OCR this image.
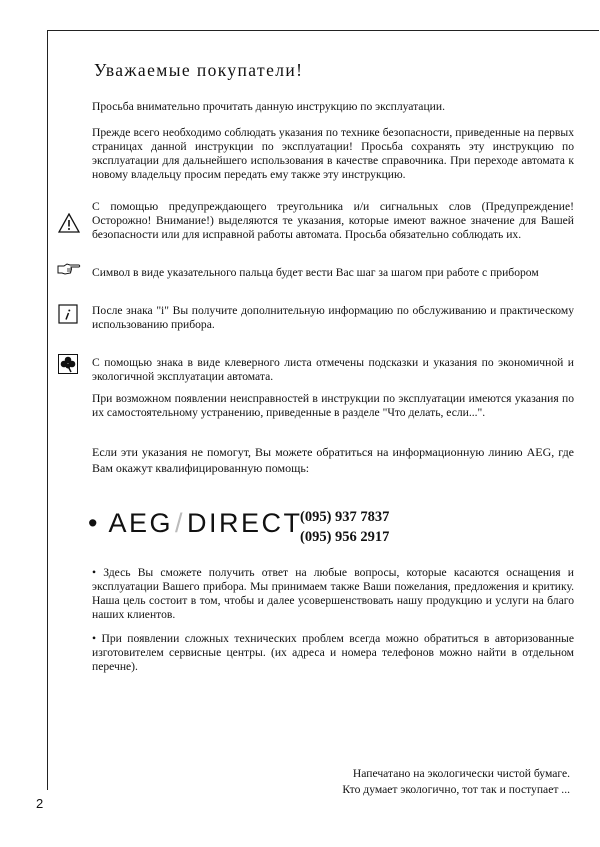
Уважаемые покупатели!

Просьба внимательно прочитать данную инструкцию по эксплуатации.

Прежде всего необходимо соблюдать указания по технике безопасности, приведенные на первых страницах данной инструкции по эксплуатации! Просьба сохранять эту инструкцию по эксплуатации для дальнейшего использования в качестве справочника. При переходе автомата к новому владельцу просим передать ему также эту инструкцию.

С помощью предупреждающего треугольника и/и сигнальных слов (Предупреждение! Осторожно! Внимание!) выделяются те указания, которые имеют важное значение для Вашей безопасности или для исправной работы автомата. Просьба обязательно соблюдать их.

Символ в виде указательного пальца будет вести Вас шаг за шагом при работе с прибором

После знака "i" Вы получите дополнительную информацию по обслуживанию и практическому использованию прибора.

С помощью знака в виде клеверного листа отмечены подсказки и указания по экономичной и экологичной эксплуатации автомата.

При возможном появлении неисправностей в инструкции по эксплуатации имеются указания по их самостоятельному устранению, приведенные в разделе "Что делать, если...".

Если эти указания не помогут, Вы можете обратиться на информационную линию AEG, где Вам окажут квалифицированную помощь:

• AEG/DIRECT
(095) 937 7837
(095) 956 2917

• Здесь Вы сможете получить ответ на любые вопросы, которые касаются оснащения и эксплуатации Вашего прибора. Мы принимаем также Ваши пожелания, предложения и критику. Наша цель состоит в том, чтобы и далее усовершенствовать нашу продукцию и услуги на благо наших клиентов.

• При появлении сложных технических проблем всегда можно обратиться в авторизованные изготовителем сервисные центры. (их адреса и номера телефонов можно найти в отдельном перечне).

Напечатано на экологически чистой бумаге.
Кто думает экологично, тот так и поступает ...
2
